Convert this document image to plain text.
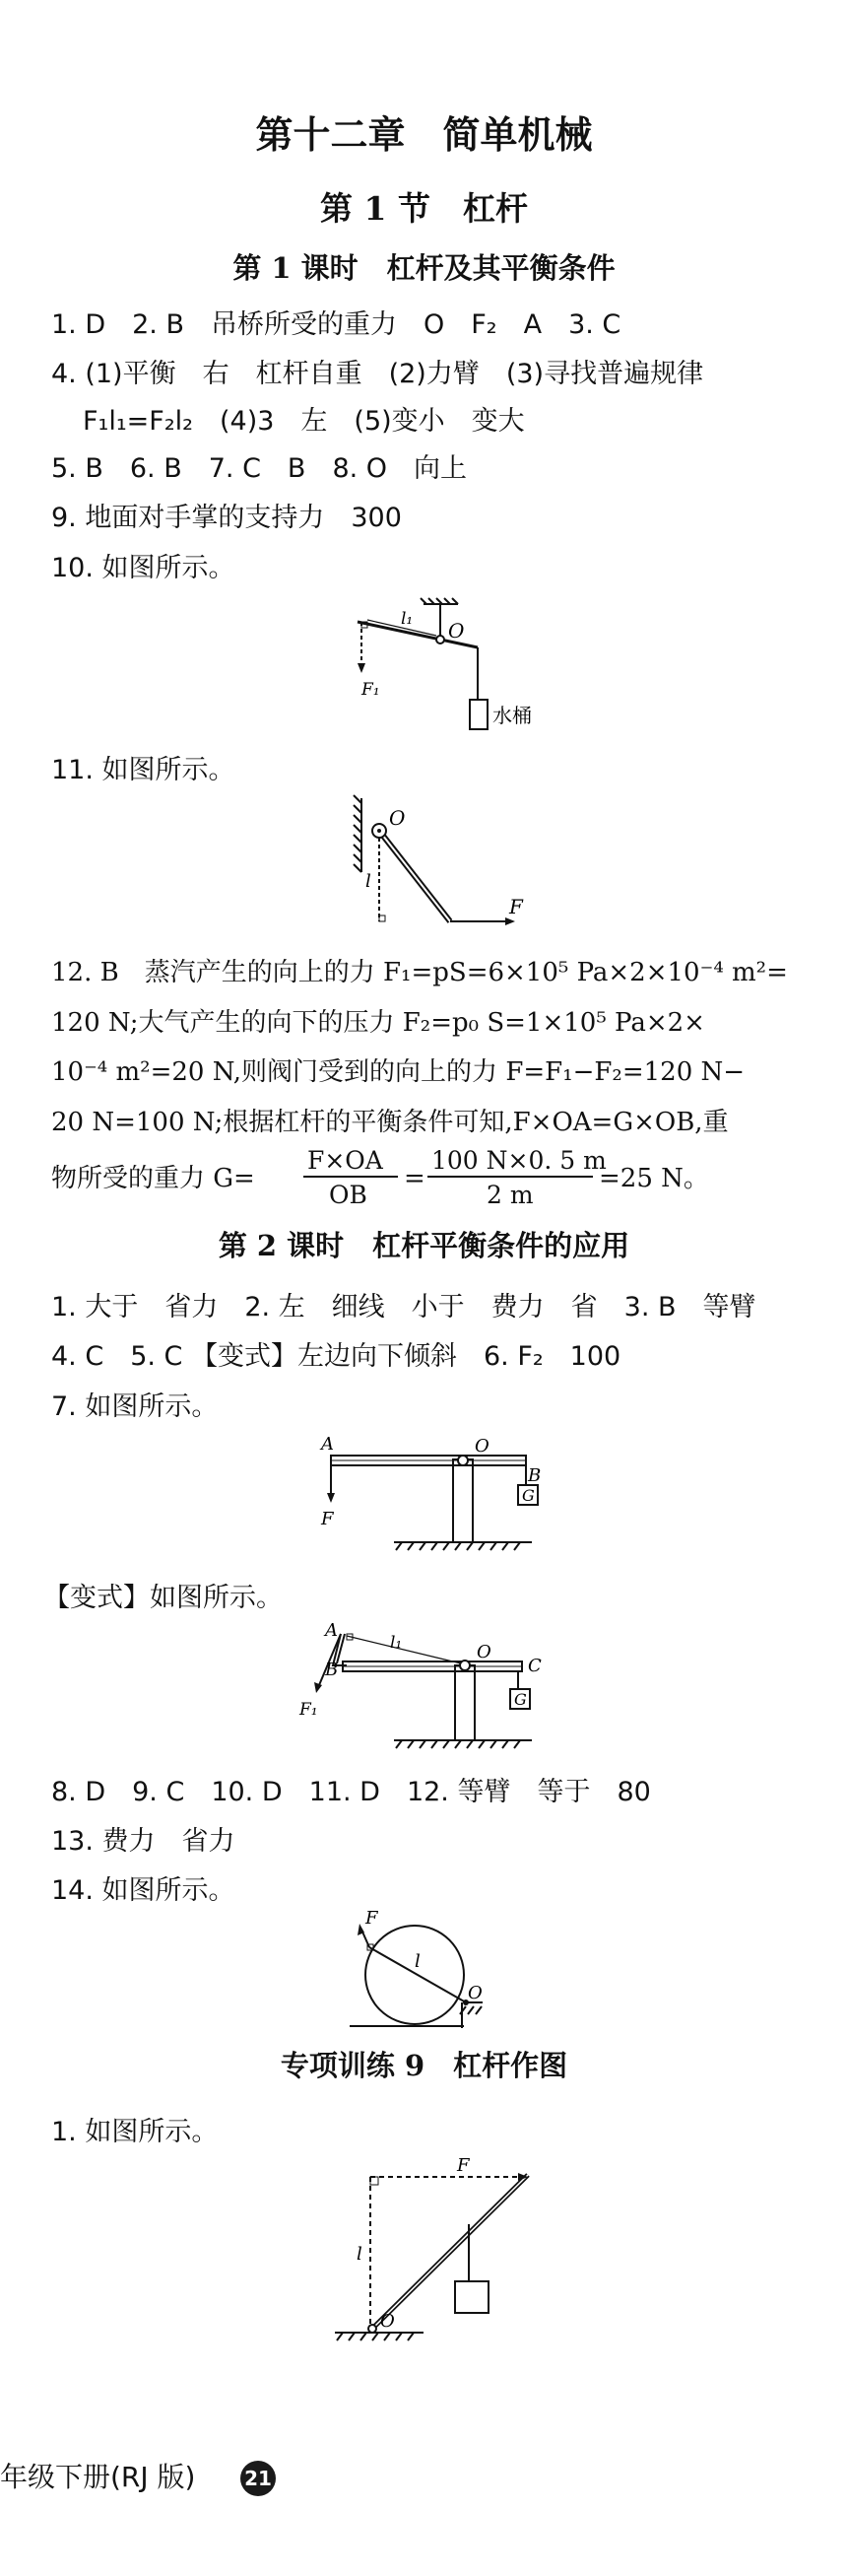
第十二章　简单机械
第 1 节　杠杆
第 1 课时　杠杆及其平衡条件
1. D　2. B　吊桥所受的重力　O　F₂　A　3. C
4. (1)平衡　右　杠杆自重　(2)力臂　(3)寻找普遍规律
F₁l₁=F₂l₂　(4)3　左　(5)变小　变大
5. B　6. B　7. C　B　8. O　向上
9. 地面对手掌的支持力　300
10. 如图所示。
O
l₁
F₁
水桶
11. 如图所示。
O
l
F
12. B　蒸汽产生的向上的力 F₁=pS=6×10⁵ Pa×2×10⁻⁴ m²=
120 N;大气产生的向下的压力 F₂=p₀ S=1×10⁵ Pa×2×
10⁻⁴ m²=20 N,则阀门受到的向上的力 F=F₁−F₂=120 N−
20 N=100 N;根据杠杆的平衡条件可知,F×OA=G×OB,重
物所受的重力 G=
F×OA
OB
=
100 N×0. 5 m
2 m
=25 N。
第 2 课时　杠杆平衡条件的应用
1. 大于　省力　2. 左　细线　小于　费力　省　3. B　等臂
4. C　5. C 【变式】左边向下倾斜　6. F₂　100
7. 如图所示。
A	O
B
G
F
【变式】如图所示。
A
B
l₁	O
C
G
F₁
8. D　9. C　10. D　11. D　12. 等臂　等于　80
13. 费力　省力
14. 如图所示。
F
l
O
专项训练 9　杠杆作图
1. 如图所示。
F
l
O
年级下册(RJ 版) 21
